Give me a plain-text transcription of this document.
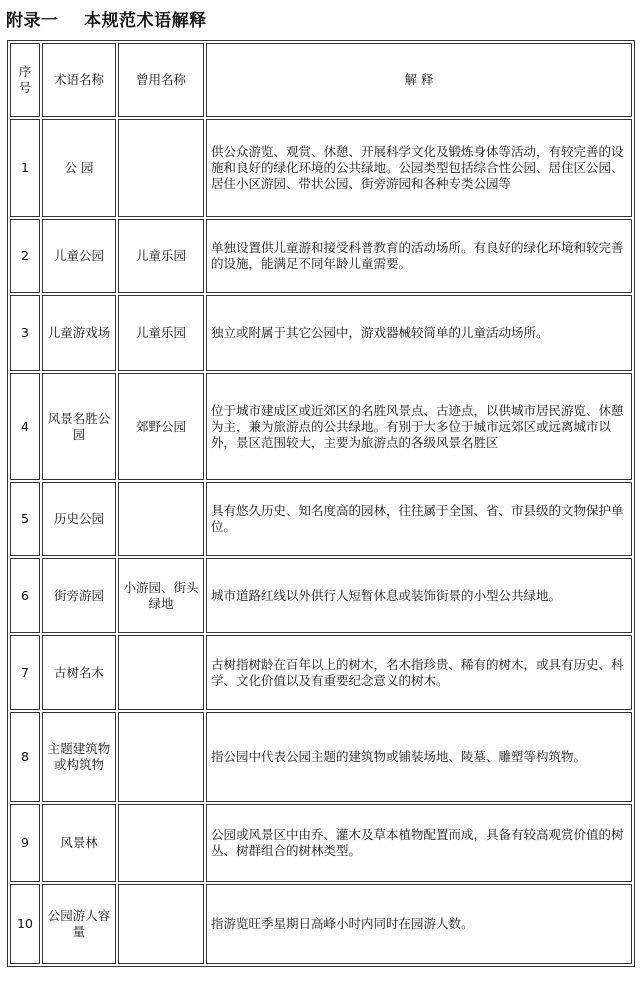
附录一    本规范术语解释
序号	术语名称	曾用名称	解 释
1	公 园		供公众游览、观赏、休憩、开展科学文化及锻炼身体等活动，有较完善的设施和良好的绿化环境的公共绿地。公园类型包括综合性公园、居住区公园、居住小区游园、带状公园、街旁游园和各种专类公园等
2	儿童公园	儿童乐园	单独设置供儿童游和接受科普教育的活动场所。有良好的绿化环境和较完善的设施，能满足不同年龄儿童需要。
3	儿童游戏场	儿童乐园	独立或附属于其它公园中，游戏器械较简单的儿童活动场所。
4	风景名胜公 园	郊野公园	位于城市建成区或近郊区的名胜风景点、古迹点，以供城市居民游览、休憩为主，兼为旅游点的公共绿地。有别于大多位于城市远郊区或远离城市以外，景区范围较大，主要为旅游点的各级风景名胜区
5	历史公园		具有悠久历史、知名度高的园林，往往属于全国、省、市县级的文物保护单位。
6	街旁游园	小游园、街头绿地	城市道路红线以外供行人短暂休息或装饰街景的小型公共绿地。
7	古树名木		古树指树龄在百年以上的树木，名木指珍贵、稀有的树木，或具有历史、科学、文化价值以及有重要纪念意义的树木。
8	主题建筑物或构筑物		指公园中代表公园主题的建筑物或铺装场地、陵墓、雕塑等构筑物。
9	风景林		公园或风景区中由乔、灌木及草本植物配置而成，具备有较高观赏价值的树丛、树群组合的树林类型。
10	公园游人容量		指游览旺季星期日高峰小时内同时在园游人数。
